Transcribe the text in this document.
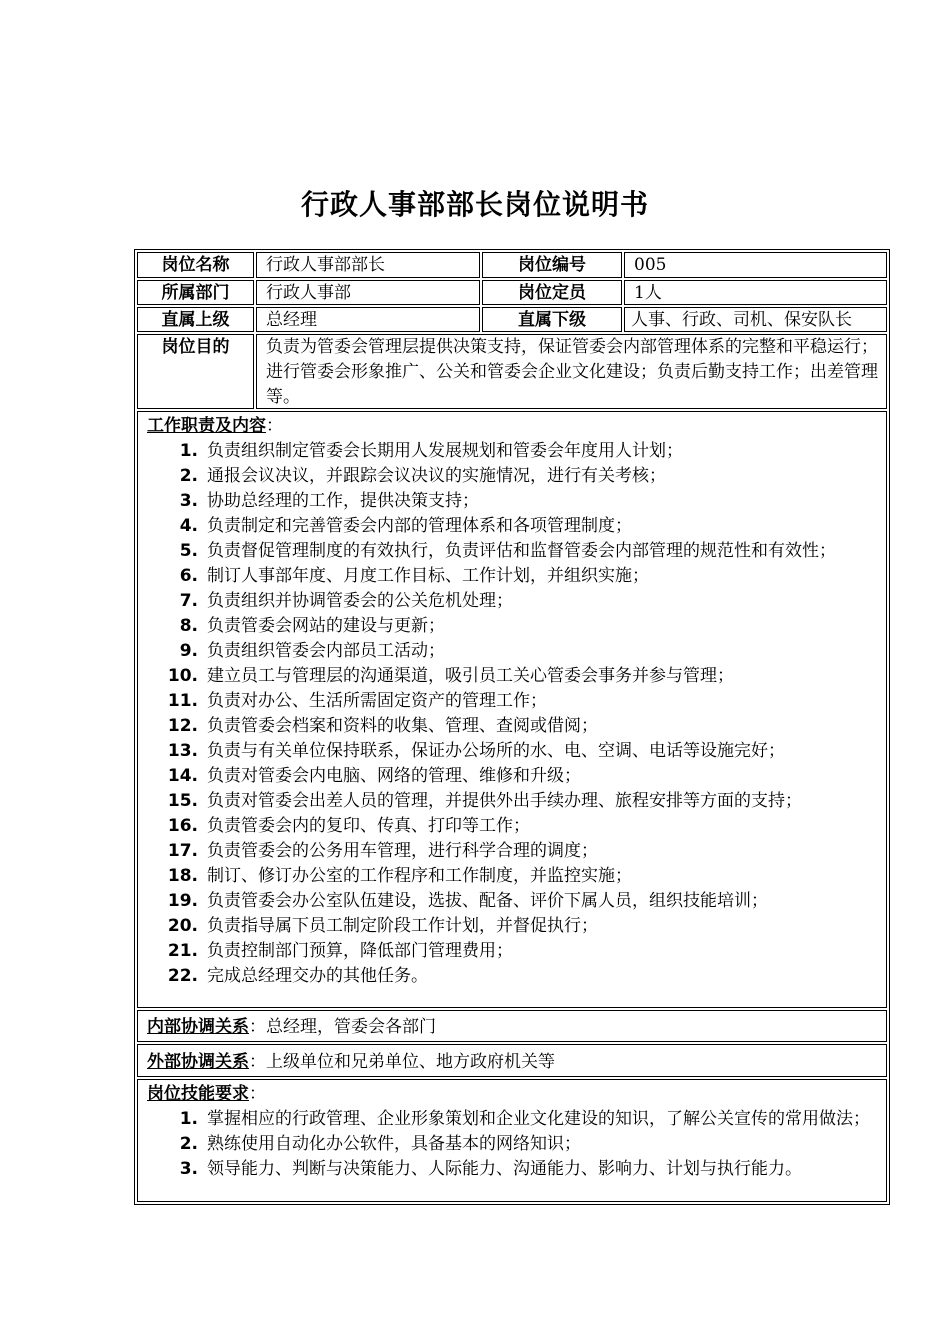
行政人事部部长岗位说明书
岗位名称	行政人事部部长	岗位编号	005
所属部门	行政人事部	岗位定员	1人
直属上级	总经理	直属下级	人事、行政、司机、保安队长
岗位目的	负责为管委会管理层提供决策支持，保证管委会内部管理体系的完整和平稳运行；进行管委会形象推广、公关和管委会企业文化建设；负责后勤支持工作；出差管理等。
工作职责及内容：
1. 负责组织制定管委会长期用人发展规划和管委会年度用人计划；
2. 通报会议决议，并跟踪会议决议的实施情况，进行有关考核；
3. 协助总经理的工作，提供决策支持；
4. 负责制定和完善管委会内部的管理体系和各项管理制度；
5. 负责督促管理制度的有效执行，负责评估和监督管委会内部管理的规范性和有效性；
6. 制订人事部年度、月度工作目标、工作计划，并组织实施；
7. 负责组织并协调管委会的公关危机处理；
8. 负责管委会网站的建设与更新；
9. 负责组织管委会内部员工活动；
10. 建立员工与管理层的沟通渠道，吸引员工关心管委会事务并参与管理；
11. 负责对办公、生活所需固定资产的管理工作；
12. 负责管委会档案和资料的收集、管理、查阅或借阅；
13. 负责与有关单位保持联系，保证办公场所的水、电、空调、电话等设施完好；
14. 负责对管委会内电脑、网络的管理、维修和升级；
15. 负责对管委会出差人员的管理，并提供外出手续办理、旅程安排等方面的支持；
16. 负责管委会内的复印、传真、打印等工作；
17. 负责管委会的公务用车管理，进行科学合理的调度；
18. 制订、修订办公室的工作程序和工作制度，并监控实施；
19. 负责管委会办公室队伍建设，选拔、配备、评价下属人员，组织技能培训；
20. 负责指导属下员工制定阶段工作计划，并督促执行；
21. 负责控制部门预算，降低部门管理费用；
22. 完成总经理交办的其他任务。
内部协调关系：总经理，管委会各部门
外部协调关系：上级单位和兄弟单位、地方政府机关等
岗位技能要求：
1. 掌握相应的行政管理、企业形象策划和企业文化建设的知识，了解公关宣传的常用做法；
2. 熟练使用自动化办公软件，具备基本的网络知识；
3. 领导能力、判断与决策能力、人际能力、沟通能力、影响力、计划与执行能力。
